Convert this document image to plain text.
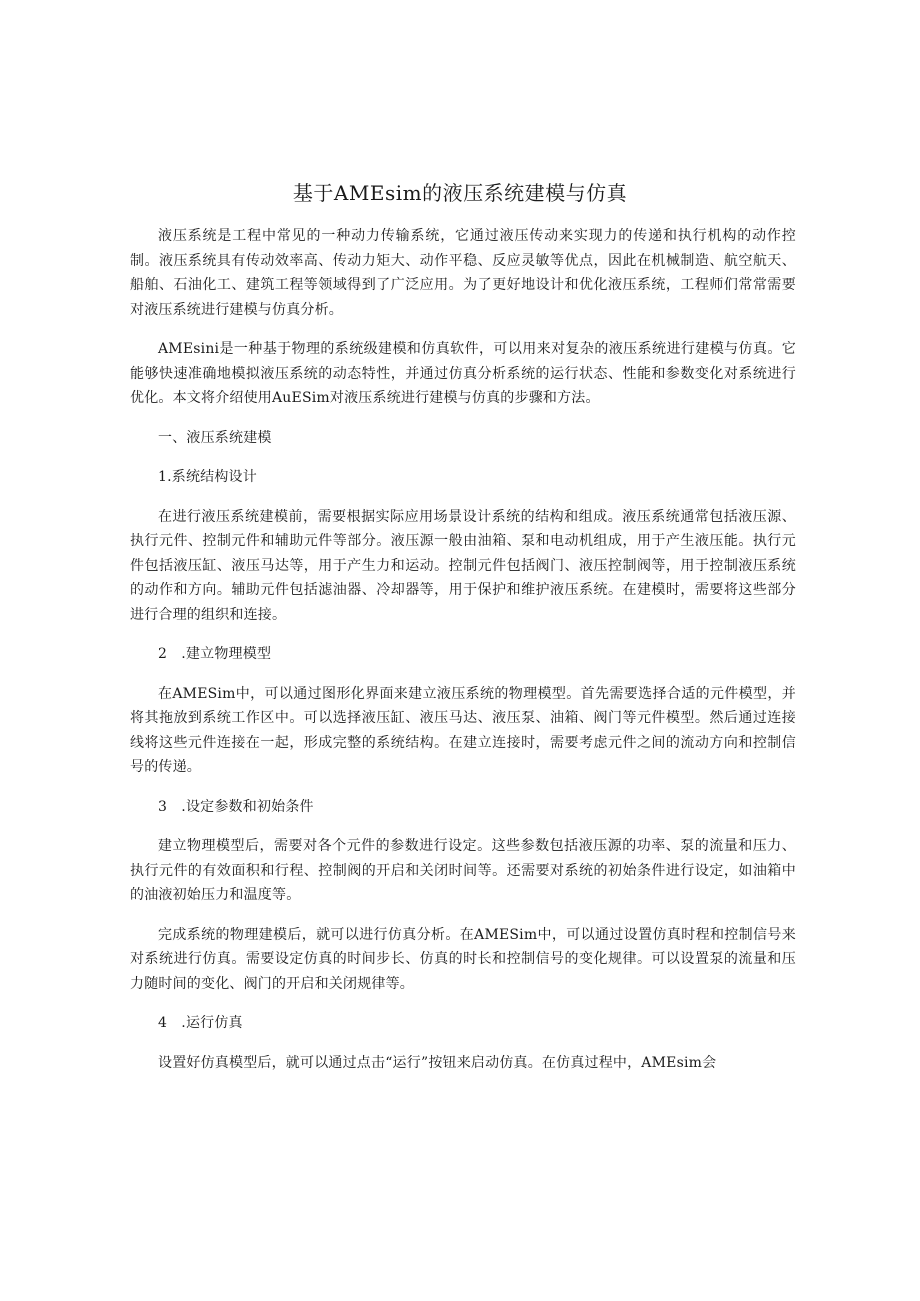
基于AMEsim的液压系统建模与仿真

液压系统是工程中常见的一种动力传输系统，它通过液压传动来实现力的传递和执行机构的动作控制。液压系统具有传动效率高、传动力矩大、动作平稳、反应灵敏等优点，因此在机械制造、航空航天、船舶、石油化工、建筑工程等领域得到了广泛应用。为了更好地设计和优化液压系统，工程师们常常需要对液压系统进行建模与仿真分析。

AMEsini是一种基于物理的系统级建模和仿真软件，可以用来对复杂的液压系统进行建模与仿真。它能够快速准确地模拟液压系统的动态特性，并通过仿真分析系统的运行状态、性能和参数变化对系统进行优化。本文将介绍使用AuESim对液压系统进行建模与仿真的步骤和方法。

一、液压系统建模

1.系统结构设计

在进行液压系统建模前，需要根据实际应用场景设计系统的结构和组成。液压系统通常包括液压源、执行元件、控制元件和辅助元件等部分。液压源一般由油箱、泵和电动机组成，用于产生液压能。执行元件包括液压缸、液压马达等，用于产生力和运动。控制元件包括阀门、液压控制阀等，用于控制液压系统的动作和方向。辅助元件包括滤油器、冷却器等，用于保护和维护液压系统。在建模时，需要将这些部分进行合理的组织和连接。

2　.建立物理模型

在AMESim中，可以通过图形化界面来建立液压系统的物理模型。首先需要选择合适的元件模型，并将其拖放到系统工作区中。可以选择液压缸、液压马达、液压泵、油箱、阀门等元件模型。然后通过连接线将这些元件连接在一起，形成完整的系统结构。在建立连接时，需要考虑元件之间的流动方向和控制信号的传递。

3　.设定参数和初始条件

建立物理模型后，需要对各个元件的参数进行设定。这些参数包括液压源的功率、泵的流量和压力、执行元件的有效面积和行程、控制阀的开启和关闭时间等。还需要对系统的初始条件进行设定，如油箱中的油液初始压力和温度等。

完成系统的物理建模后，就可以进行仿真分析。在AMESim中，可以通过设置仿真时程和控制信号来对系统进行仿真。需要设定仿真的时间步长、仿真的时长和控制信号的变化规律。可以设置泵的流量和压力随时间的变化、阀门的开启和关闭规律等。

4　.运行仿真

设置好仿真模型后，就可以通过点击“运行”按钮来启动仿真。在仿真过程中，AMEsim会
